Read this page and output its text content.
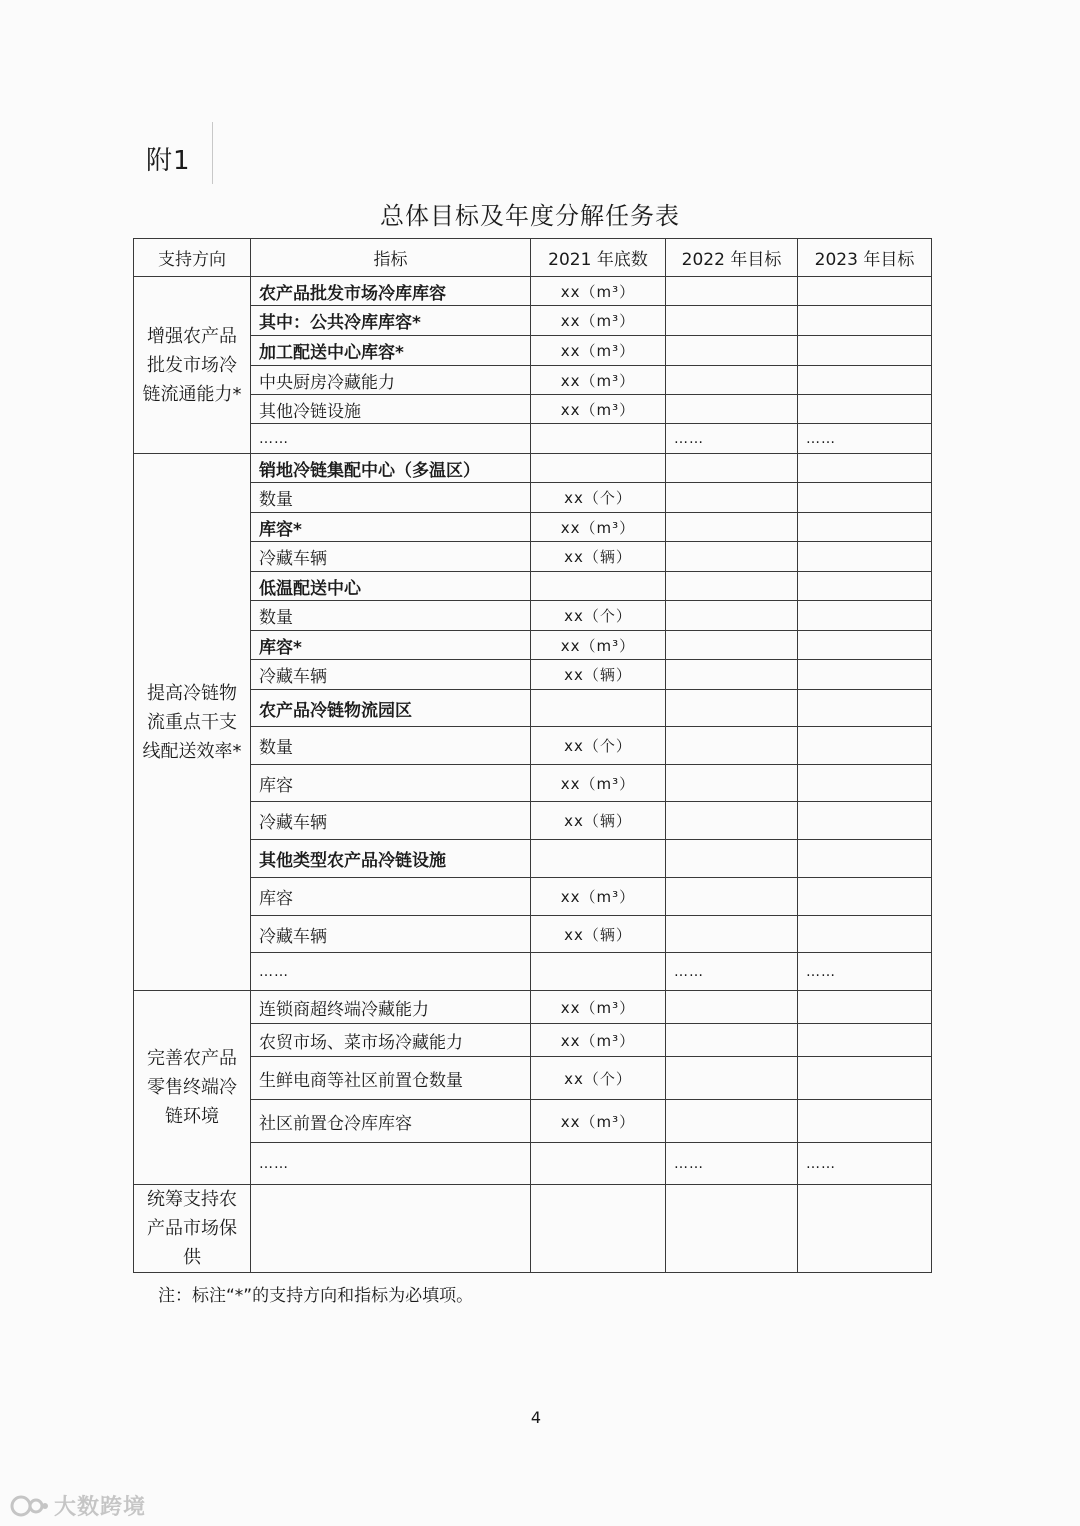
附1
总体目标及年度分解任务表
支持方向	指标	2021 年底数	2022 年目标	2023 年目标
增强农产品批发市场冷链流通能力*	农产品批发市场冷库库容	xx（m³）		
	其中：公共冷库库容*	xx（m³）		
	加工配送中心库容*	xx（m³）		
	中央厨房冷藏能力	xx（m³）		
	其他冷链设施	xx（m³）		
	……		……	……
提高冷链物流重点干支线配送效率*	销地冷链集配中心（多温区）			
	数量	xx（个）		
	库容*	xx（m³）		
	冷藏车辆	xx（辆）		
	低温配送中心			
	数量	xx（个）		
	库容*	xx（m³）		
	冷藏车辆	xx（辆）		
	农产品冷链物流园区			
	数量	xx（个）		
	库容	xx（m³）		
	冷藏车辆	xx（辆）		
	其他类型农产品冷链设施			
	库容	xx（m³）		
	冷藏车辆	xx（辆）		
	……		……	……
完善农产品零售终端冷链环境	连锁商超终端冷藏能力	xx（m³）		
	农贸市场、菜市场冷藏能力	xx（m³）		
	生鲜电商等社区前置仓数量	xx（个）		
	社区前置仓冷库库容	xx（m³）		
	……		……	……
统筹支持农产品市场保供				
注：标注“*”的支持方向和指标为必填项。
4
大数跨境
